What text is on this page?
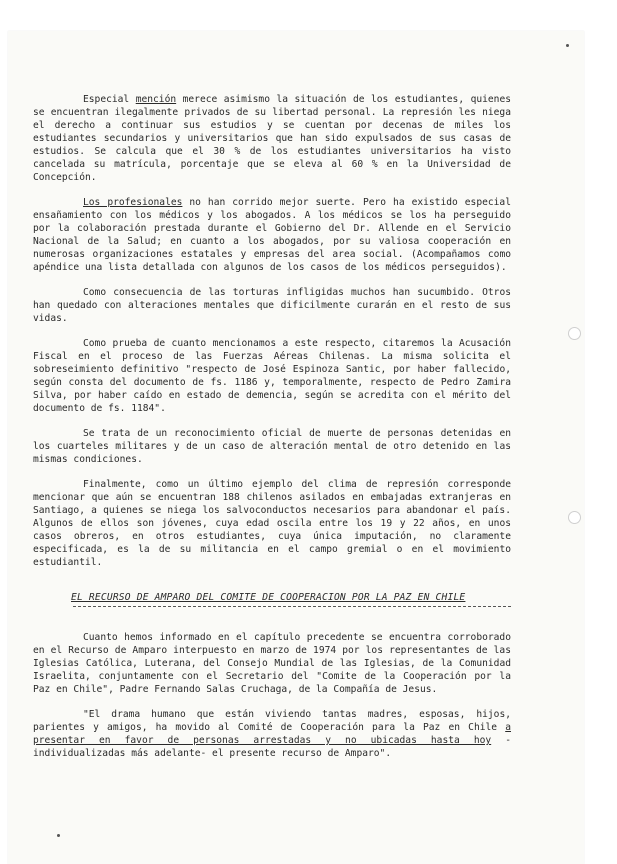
Especial mención merece asimismo la situación de los estudiantes, quienes se encuentran ilegalmente privados de su libertad personal. La represión les niega el derecho a continuar sus estudios y se cuentan por decenas de miles los estudiantes secundarios y universitarios que han sido expulsados de sus casas de estudios. Se calcula que el 30 % de los estudiantes universitarios ha visto cancelada su matrícula, porcentaje que se eleva al 60 % en la Universidad de Concepción.

Los profesionales no han corrido mejor suerte. Pero ha existido especial ensañamiento con los médicos y los abogados. A los médicos se los ha perseguido por la colaboración prestada durante el Gobierno del Dr. Allende en el Servicio Nacional de la Salud; en cuanto a los abogados, por su valiosa cooperación en numerosas organizaciones estatales y empresas del area social. (Acompañamos como apéndice una lista detallada con algunos de los casos de los médicos perseguidos).

Como consecuencia de las torturas infligidas muchos han sucumbido. Otros han quedado con alteraciones mentales que dificilmente curarán en el resto de sus vidas.

Como prueba de cuanto mencionamos a este respecto, citaremos la Acusación Fiscal en el proceso de las Fuerzas Aéreas Chilenas. La misma solicita el sobreseimiento definitivo "respecto de José Espinoza Santic, por haber fallecido, según consta del documento de fs. 1186 y, temporalmente, respecto de Pedro Zamira Silva, por haber caído en estado de demencia, según se acredita con el mérito del documento de fs. 1184".

Se trata de un reconocimiento oficial de muerte de personas detenidas en los cuarteles militares y de un caso de alteración mental de otro detenido en las mismas condiciones.

Finalmente, como un último ejemplo del clima de represión corresponde mencionar que aún se encuentran 188 chilenos asilados en embajadas extranjeras en Santiago, a quienes se niega los salvoconductos necesarios para abandonar el país. Algunos de ellos son jóvenes, cuya edad oscila entre los 19 y 22 años, en unos casos obreros, en otros estudiantes, cuya única imputación, no claramente especificada, es la de su militancia en el campo gremial o en el movimiento estudiantil.

EL RECURSO DE AMPARO DEL COMITE DE COOPERACION POR LA PAZ EN CHILE

Cuanto hemos informado en el capítulo precedente se encuentra corroborado en el Recurso de Amparo interpuesto en marzo de 1974 por los representantes de las Iglesias Católica, Luterana, del Consejo Mundial de las Iglesias, de la Comunidad Israelita, conjuntamente con el Secretario del "Comite de la Cooperación por la Paz en Chile", Padre Fernando Salas Cruchaga, de la Compañía de Jesus.

"El drama humano que están viviendo tantas madres, esposas, hijos, parientes y amigos, ha movido al Comité de Cooperación para la Paz en Chile a presentar en favor de personas arrestadas y no ubicadas hasta hoy -individualizadas más adelante- el presente recurso de Amparo".
